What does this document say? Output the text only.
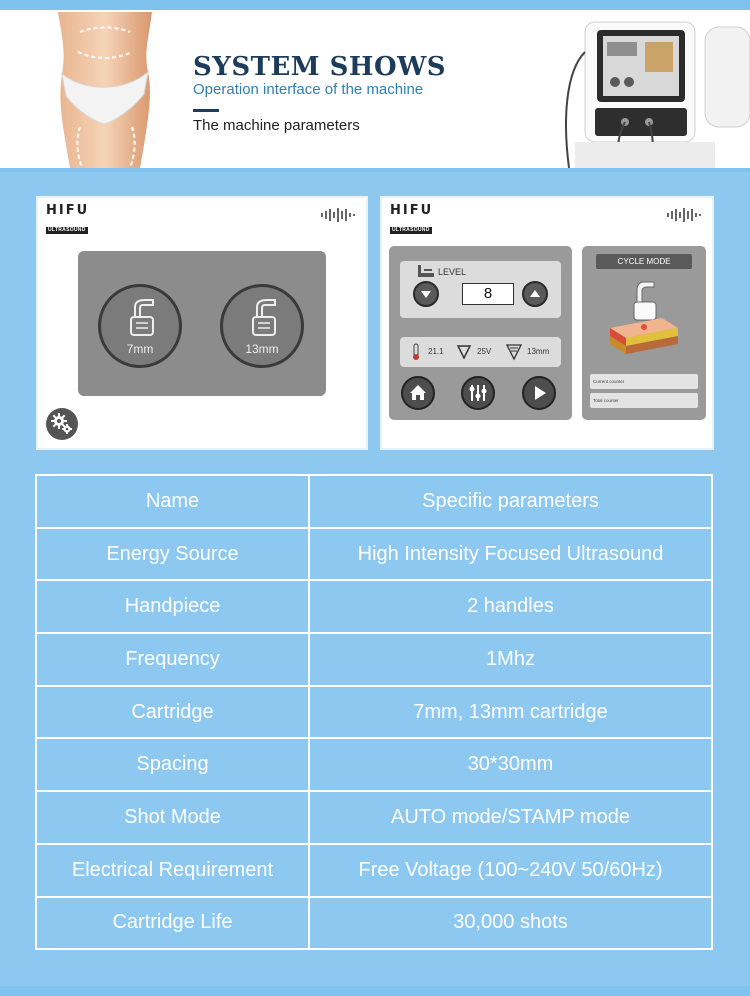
SYSTEM SHOWS
Operation interface of the machine
The machine parameters
HIFU
ULTRASOUND
7mm	13mm
HIFU
ULTRASOUND
LEVEL
8
21.1	25V	13mm
CYCLE MODE
Current counter
Total counter
Name	Specific parameters
Energy Source	High Intensity Focused Ultrasound
Handpiece	2 handles
Frequency	1Mhz
Cartridge	7mm, 13mm cartridge
Spacing	30*30mm
Shot Mode	AUTO mode/STAMP mode
Electrical Requirement	Free Voltage (100~240V 50/60Hz)
Cartridge Life	30,000 shots
